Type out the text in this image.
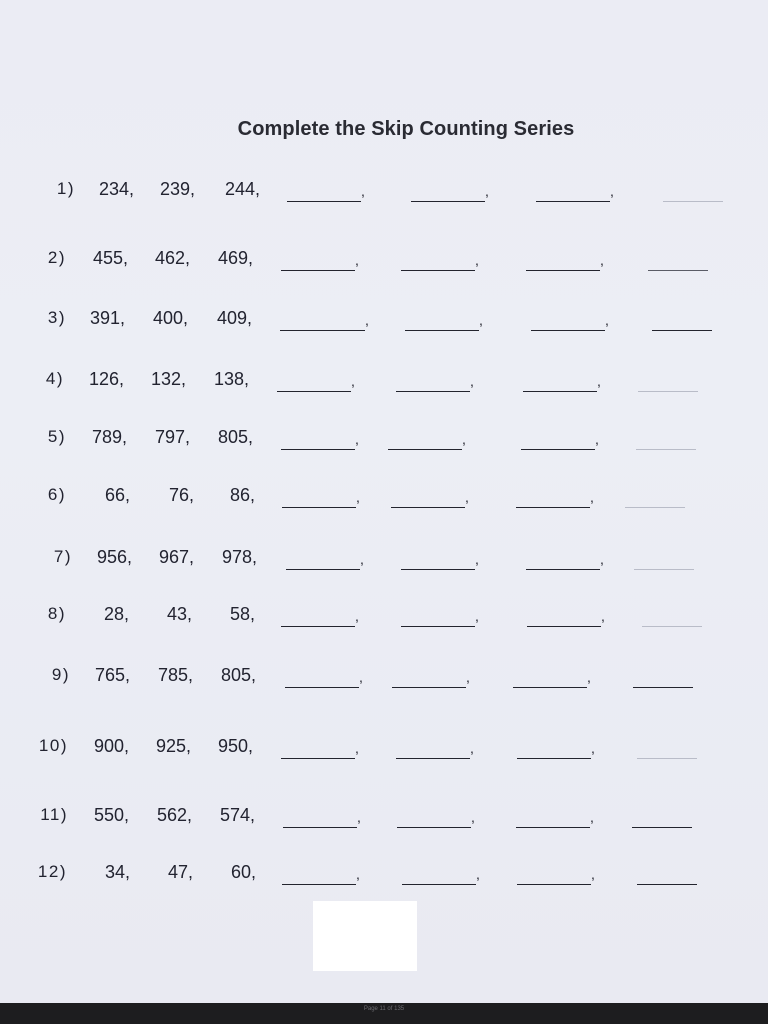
Complete the Skip Counting Series
1) 234, 239, 244,	,	,	,
2) 455, 462, 469,	,	,	,
3) 391, 400, 409,	,	,	,
4) 126, 132, 138,	,	,	,
5) 789, 797, 805,	,	,	,
6) 66, 76, 86,	,	,	,
7) 956, 967, 978,	,	,	,
8) 28, 43, 58,	,	,	,
9) 765, 785, 805,	,	,	,
10) 900, 925, 950,	,	,	,
11) 550, 562, 574,	,	,	,
12) 34, 47, 60,	,	,	,
Page 11 of 135
